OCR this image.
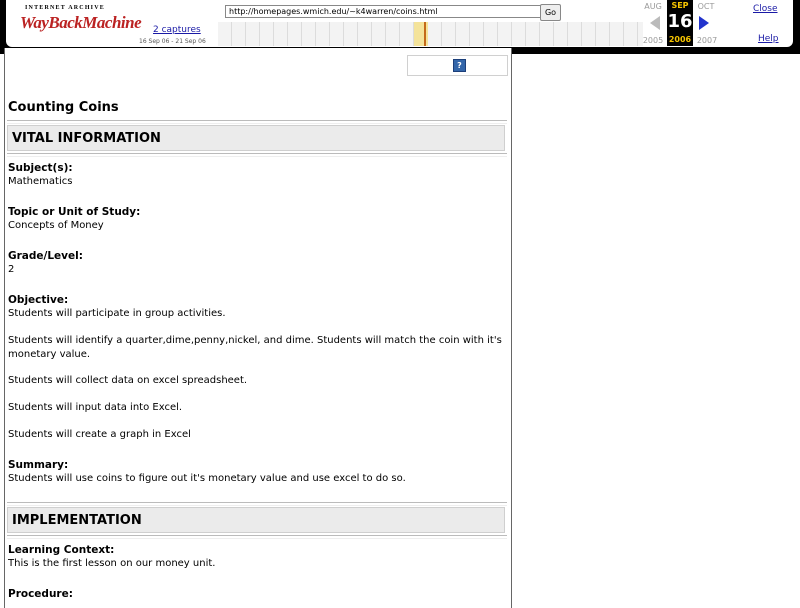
INTERNET ARCHIVE
WayBackMachine 2 captures
16 Sep 06 - 21 Sep 06
http://homepages.wmich.edu/~k4warren/coins.html	Go
AUG	SEP
16
2006
OCT
2005	2007
Close
Help
?
Counting Coins
VITAL INFORMATION
Subject(s):
Mathematics
Topic or Unit of Study:
Concepts of Money
Grade/Level:
2
Objective:
Students will participate in group activities.
Students will identify a quarter,dime,penny,nickel, and dime. Students will match the coin with it's monetary value.
Students will collect data on excel spreadsheet.
Students will input data into Excel.
Students will create a graph in Excel
Summary:
Students will use coins to figure out it's monetary value and use excel to do so.
IMPLEMENTATION
Learning Context:
This is the first lesson on our money unit.
Procedure:
